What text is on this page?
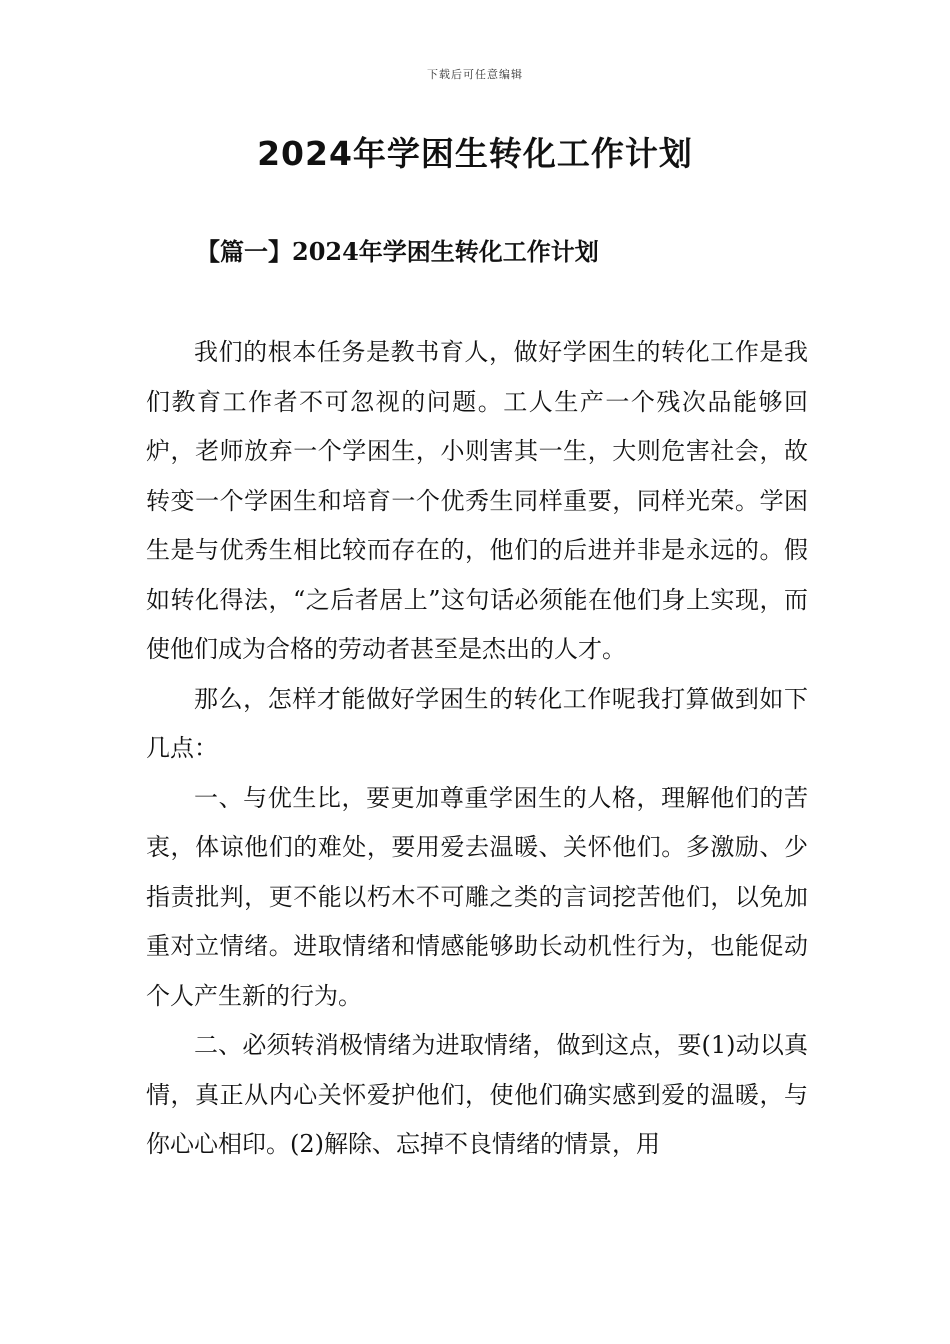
下载后可任意编辑
2024年学困生转化工作计划
【篇一】2024年学困生转化工作计划

我们的根本任务是教书育人，做好学困生的转化工作是我们教育工作者不可忽视的问题。工人生产一个残次品能够回炉，老师放弃一个学困生，小则害其一生，大则危害社会，故转变一个学困生和培育一个优秀生同样重要，同样光荣。学困生是与优秀生相比较而存在的，他们的后进并非是永远的。假如转化得法，“之后者居上”这句话必须能在他们身上实现，而使他们成为合格的劳动者甚至是杰出的人才。

那么，怎样才能做好学困生的转化工作呢我打算做到如下几点：

一、与优生比，要更加尊重学困生的人格，理解他们的苦衷，体谅他们的难处，要用爱去温暖、关怀他们。多激励、少指责批判，更不能以朽木不可雕之类的言词挖苦他们，以免加重对立情绪。进取情绪和情感能够助长动机性行为，也能促动个人产生新的行为。

二、必须转消极情绪为进取情绪，做到这点，要(1)动以真情，真正从内心关怀爱护他们，使他们确实感到爱的温暖，与你心心相印。(2)解除、忘掉不良情绪的情景，用
